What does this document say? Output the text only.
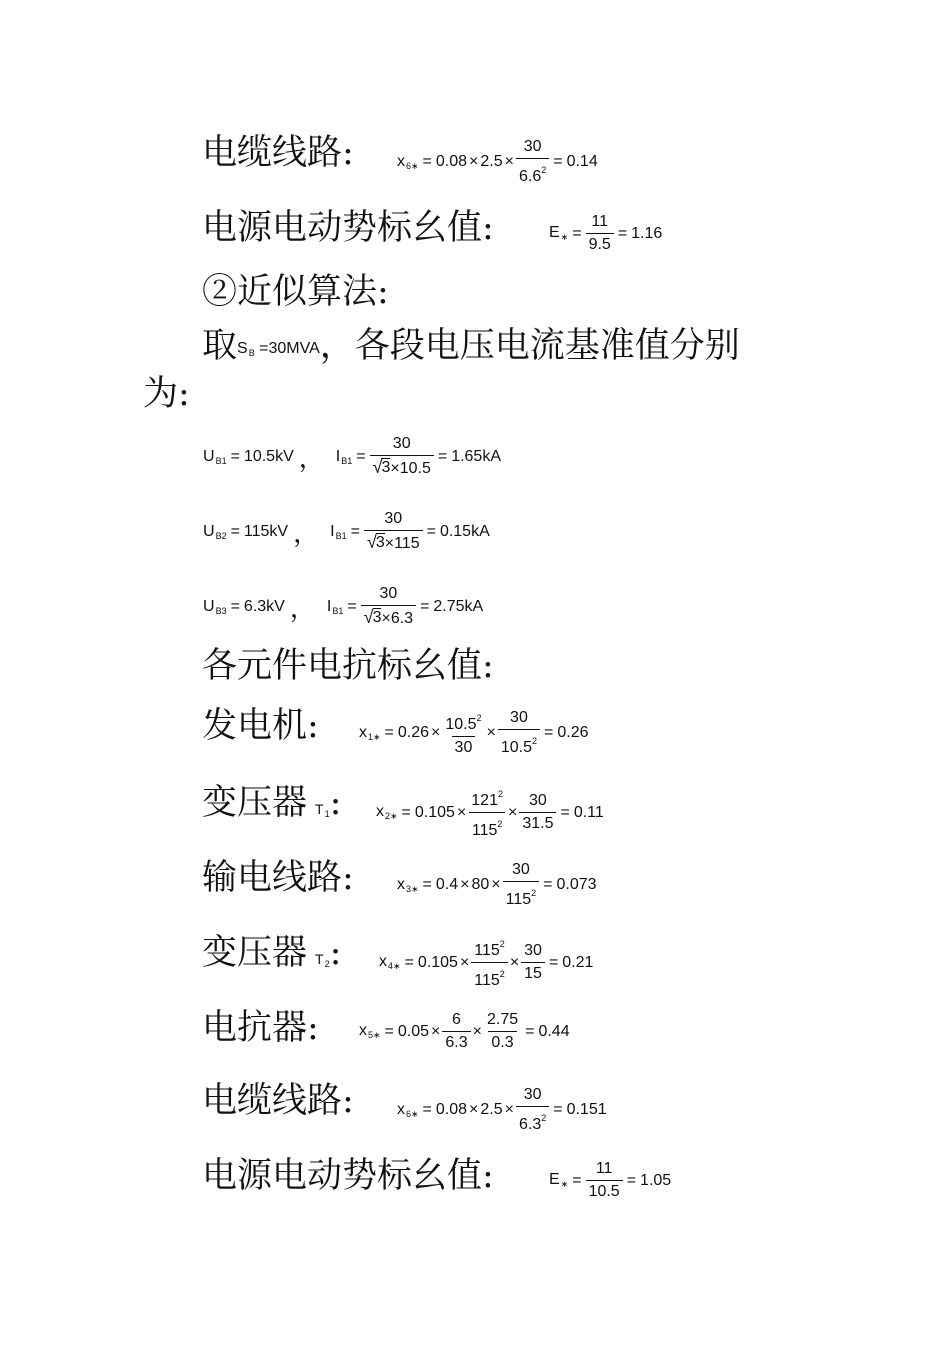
电缆线路:	$x_{6∗} = 0.08 \times 2.5 \times \frac{30}{6.6^2} = 0.14$
电源电动势标幺值:	$E_∗ = \frac{11}{9.5} = 1.16$
②近似算法:
取$S_B =30MVA$，各段电压电流基准值分别
为:
$U_{B1} = 10.5kV$ ， $I_{B1} = \frac{30}{√ 3 \times 10.5} = 1.65kA$
$U_{B2} = 115kV$ ， $I_{B1} = \frac{30}{√ 3 \times 115} = 0.15kA$
$U_{B3} = 6.3kV$ ， $I_{B1} = \frac{30}{√ 3 \times 6.3} = 2.75kA$
各元件电抗标幺值:
发电机:	$x_{1∗} = 0.26 \times \frac{10.5^2}{30} \times \frac{30}{10.5^2} = 0.26$
变压器 $T_1$: $x_{2∗} = 0.105 \times \frac{121^2}{115^2} \times \frac{30}{31.5} = 0.11$
输电线路:	$x_{3∗} = 0.4 \times 80 \times \frac{30}{115^2} = 0.073$
变压器 $T_2$: $x_{4∗} = 0.105 \times \frac{115^2}{115^2} \times \frac{30}{15} = 0.21$
电抗器:	$x_{5∗} = 0.05 \times \frac{6}{6.3} \times \frac{2.75}{0.3} = 0.44$
电缆线路:	$x_{6∗} = 0.08 \times 2.5 \times \frac{30}{6.3^2} = 0.151$
电源电动势标幺值:	$E_∗ = \frac{11}{10.5} = 1.05$
